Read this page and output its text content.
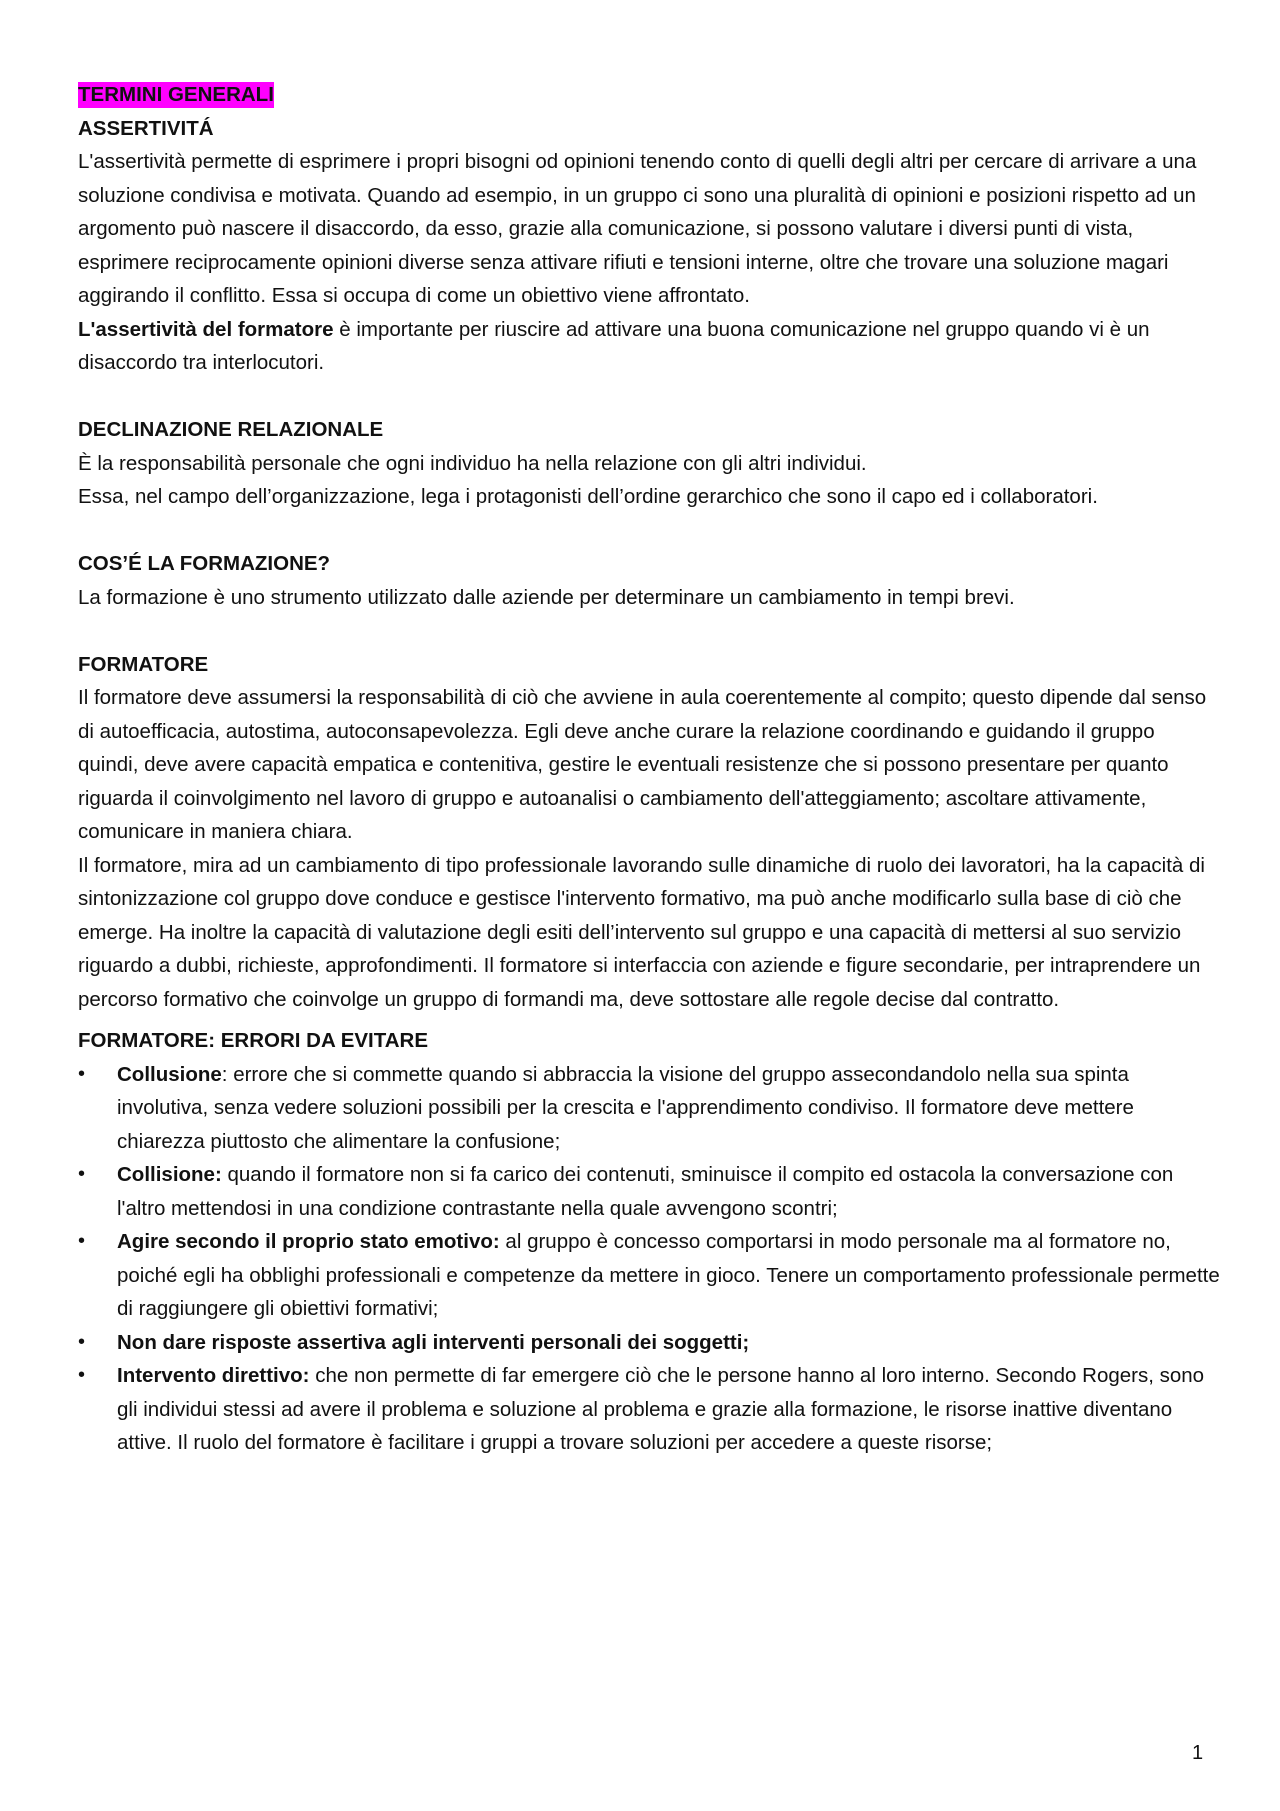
TERMINI GENERALI

ASSERTIVITÁ

L'assertività permette di esprimere i propri bisogni od opinioni tenendo conto di quelli degli altri per cercare di arrivare a una soluzione condivisa e motivata. Quando ad esempio, in un gruppo ci sono una pluralità di opinioni e posizioni rispetto ad un argomento può nascere il disaccordo, da esso, grazie alla comunicazione, si possono valutare i diversi punti di vista, esprimere reciprocamente opinioni diverse senza attivare rifiuti e tensioni interne, oltre che trovare una soluzione magari aggirando il conflitto. Essa si occupa di come un obiettivo viene affrontato.

L'assertività del formatore è importante per riuscire ad attivare una buona comunicazione nel gruppo quando vi è un disaccordo tra interlocutori.

DECLINAZIONE RELAZIONALE

È la responsabilità personale che ogni individuo ha nella relazione con gli altri individui.

Essa, nel campo dell’organizzazione, lega i protagonisti dell’ordine gerarchico che sono il capo ed i collaboratori.

COS’É LA FORMAZIONE?

La formazione è uno strumento utilizzato dalle aziende per determinare un cambiamento in tempi brevi.

FORMATORE

Il formatore deve assumersi la responsabilità di ciò che avviene in aula coerentemente al compito; questo dipende dal senso di autoefficacia, autostima, autoconsapevolezza. Egli deve anche curare la relazione coordinando e guidando il gruppo quindi, deve avere capacità empatica e contenitiva, gestire le eventuali resistenze che si possono presentare per quanto riguarda il coinvolgimento nel lavoro di gruppo e autoanalisi o cambiamento dell'atteggiamento; ascoltare attivamente, comunicare in maniera chiara.

Il formatore, mira ad un cambiamento di tipo professionale lavorando sulle dinamiche di ruolo dei lavoratori, ha la capacità di sintonizzazione col gruppo dove conduce e gestisce l'intervento formativo, ma può anche modificarlo sulla base di ciò che emerge. Ha inoltre la capacità di valutazione degli esiti dell’intervento sul gruppo e una capacità di mettersi al suo servizio riguardo a dubbi, richieste, approfondimenti. Il formatore si interfaccia con aziende e figure secondarie, per intraprendere un percorso formativo che coinvolge un gruppo di formandi ma, deve sottostare alle regole decise dal contratto.

FORMATORE: ERRORI DA EVITARE

• Collusione: errore che si commette quando si abbraccia la visione del gruppo assecondandolo nella sua spinta involutiva, senza vedere soluzioni possibili per la crescita e l'apprendimento condiviso. Il formatore deve mettere chiarezza piuttosto che alimentare la confusione;
• Collisione: quando il formatore non si fa carico dei contenuti, sminuisce il compito ed ostacola la conversazione con l'altro mettendosi in una condizione contrastante nella quale avvengono scontri;
• Agire secondo il proprio stato emotivo: al gruppo è concesso comportarsi in modo personale ma al formatore no, poiché egli ha obblighi professionali e competenze da mettere in gioco. Tenere un comportamento professionale permette di raggiungere gli obiettivi formativi;
• Non dare risposte assertiva agli interventi personali dei soggetti;
• Intervento direttivo: che non permette di far emergere ciò che le persone hanno al loro interno. Secondo Rogers, sono gli individui stessi ad avere il problema e soluzione al problema e grazie alla formazione, le risorse inattive diventano attive. Il ruolo del formatore è facilitare i gruppi a trovare soluzioni per accedere a queste risorse;
1
